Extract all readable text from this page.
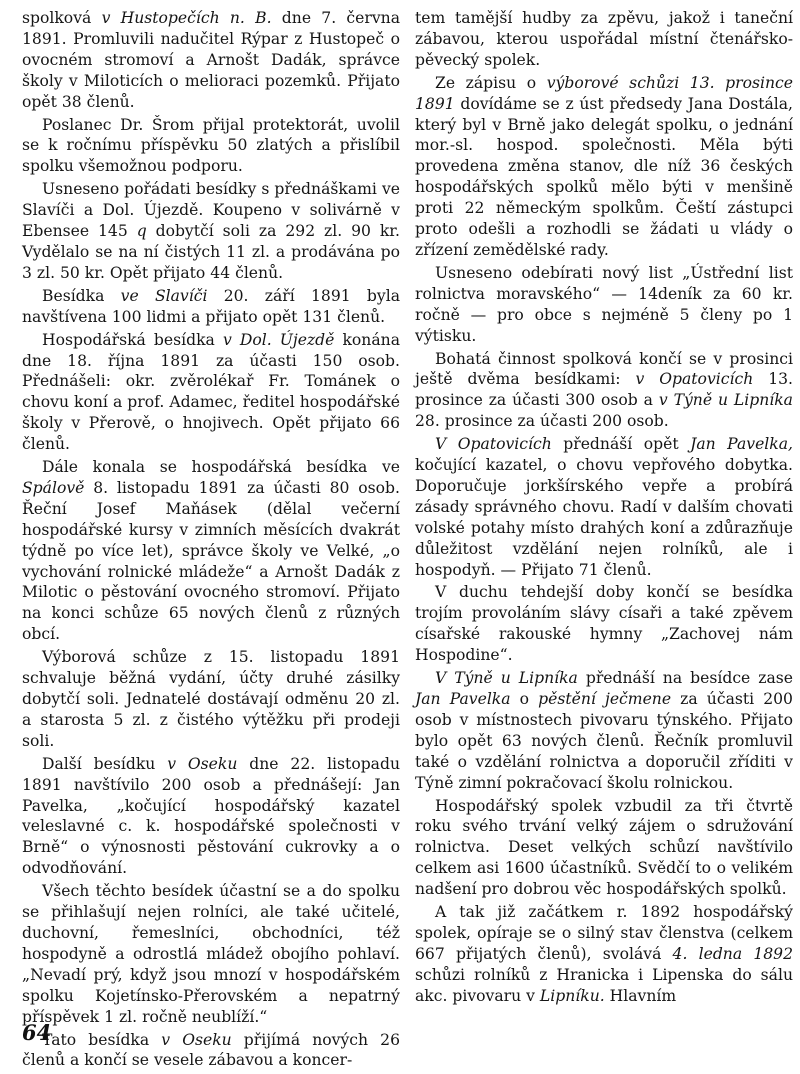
spolková v Hustopečích n. B. dne 7. června 1891. Promluvili nadučitel Rýpar z Hustopeč o ovocném stromoví a Arnošt Dadák, správce školy v Miloticích o melioraci pozemků. Přijato opět 38 členů.

Poslanec Dr. Šrom přijal protektorát, uvolil se k ročnímu příspěvku 50 zlatých a přislíbil spolku všemožnou podporu.

Usneseno pořádati besídky s přednáškami ve Slavíči a Dol. Újezdě. Koupeno v solivárně v Ebensee 145 q dobytčí soli za 292 zl. 90 kr. Vydělalo se na ní čistých 11 zl. a prodávána po 3 zl. 50 kr. Opět přijato 44 členů.

Besídka ve Slavíči 20. září 1891 byla navštívena 100 lidmi a přijato opět 131 členů.

Hospodářská besídka v Dol. Újezdě konána dne 18. října 1891 za účasti 150 osob. Přednášeli: okr. zvěrolékař Fr. Tománek o chovu koní a prof. Adamec, ředitel hospodářské školy v Přerově, o hnojivech. Opět přijato 66 členů.

Dále konala se hospodářská besídka ve Spálově 8. listopadu 1891 za účasti 80 osob. Řeční Josef Maňásek (dělal večerní hospodářské kursy v zimních měsících dvakrát týdně po více let), správce školy ve Velké, „o vychování rolnické mládeže“ a Arnošt Dadák z Milotic o pěstování ovocného stromoví. Přijato na konci schůze 65 nových členů z různých obcí.

Výborová schůze z 15. listopadu 1891 schvaluje běžná vydání, účty druhé zásilky dobytčí soli. Jednatelé dostávají odměnu 20 zl. a starosta 5 zl. z čistého výtěžku při prodeji soli.

Další besídku v Oseku dne 22. listopadu 1891 navštívilo 200 osob a přednášejí: Jan Pavelka, „kočující hospodářský kazatel veleslavné c. k. hospodářské společnosti v Brně“ o výnosnosti pěstování cukrovky a o odvodňování.

Všech těchto besídek účastní se a do spolku se přihlašují nejen rolníci, ale také učitelé, duchovní, řemeslníci, obchodníci, též hospodyně a odrostlá mládež obojího pohlaví. „Nevadí prý, když jsou mnozí v hospodářském spolku Kojetínsko-Přerovském a nepatrný příspěvek 1 zl. ročně neublíží.“

Tato besídka v Oseku přijímá nových 26 členů a končí se vesele zábavou a koncer-

tem tamější hudby za zpěvu, jakož i taneční zábavou, kterou uspořádal místní čtenářsko-pěvecký spolek.

Ze zápisu o výborové schůzi 13. prosince 1891 dovídáme se z úst předsedy Jana Dostála, který byl v Brně jako delegát spolku, o jednání mor.-sl. hospod. společnosti. Měla býti provedena změna stanov, dle níž 36 českých hospodářských spolků mělo býti v menšině proti 22 německým spolkům. Čeští zástupci proto odešli a rozhodli se žádati u vlády o zřízení zemědělské rady.

Usneseno odebírati nový list „Ústřední list rolnictva moravského“ — 14deník za 60 kr. ročně — pro obce s nejméně 5 členy po 1 výtisku.

Bohatá činnost spolková končí se v prosinci ještě dvěma besídkami: v Opatovicích 13. prosince za účasti 300 osob a v Týně u Lipníka 28. prosince za účasti 200 osob.

V Opatovicích přednáší opět Jan Pavelka, kočující kazatel, o chovu vepřového dobytka. Doporučuje jorkšírského vepře a probírá zásady správného chovu. Radí v dalším chovati volské potahy místo drahých koní a zdůrazňuje důležitost vzdělání nejen rolníků, ale i hospodyň. — Přijato 71 členů.

V duchu tehdejší doby končí se besídka trojím provoláním slávy císaři a také zpěvem císařské rakouské hymny „Zachovej nám Hospodine“.

V Týně u Lipníka přednáší na besídce zase Jan Pavelka o pěstění ječmene za účasti 200 osob v místnostech pivovaru týnského. Přijato bylo opět 63 nových členů. Řečník promluvil také o vzdělání rolnictva a doporučil zříditi v Týně zimní pokračovací školu rolnickou.

Hospodářský spolek vzbudil za tři čtvrtě roku svého trvání velký zájem o sdružování rolnictva. Deset velkých schůzí navštívilo celkem asi 1600 účastníků. Svědčí to o velikém nadšení pro dobrou věc hospodářských spolků.

A tak již začátkem r. 1892 hospodářský spolek, opíraje se o silný stav členstva (celkem 667 přijatých členů), svolává 4. ledna 1892 schůzi rolníků z Hranicka i Lipenska do sálu akc. pivovaru v Lipníku. Hlavním

64
